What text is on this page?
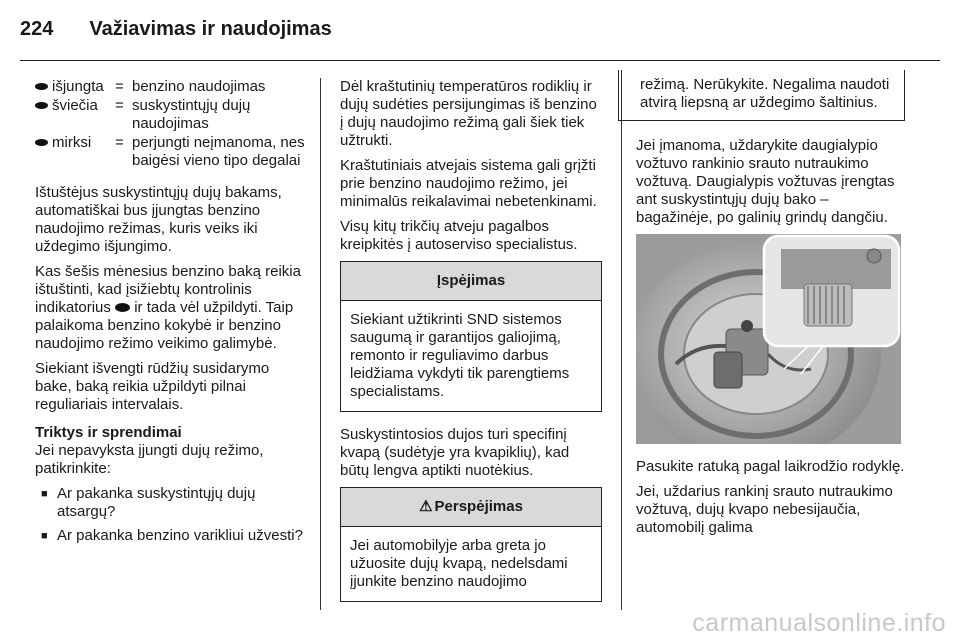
224 Važiavimas ir naudojimas
išjungta = benzino naudojimas
šviečia	= suskystintųjų dujų naudojimas
mirksi	= perjungti neįmanoma, nes baigėsi vieno tipo degalai

Ištuštėjus suskystintųjų dujų bakams, automatiškai bus įjungtas benzino naudojimo režimas, kuris veiks iki uždegimo išjungimo.

Kas šešis mėnesius benzino baką reikia ištuštinti, kad įsižiebtų kontrolinis indikatorius  ir tada vėl užpildyti. Taip palaikoma benzino kokybė ir benzino naudojimo režimo veikimo galimybė.

Siekiant išvengti rūdžių susidarymo bake, baką reikia užpildyti pilnai reguliariais intervalais.

Triktys ir sprendimai

Jei nepavyksta įjungti dujų režimo, patikrinkite:

■ Ar pakanka suskystintųjų dujų atsargų?
■ Ar pakanka benzino varikliui užvesti?

Dėl kraštutinių temperatūros rodiklių ir dujų sudėties persijungimas iš benzino į dujų naudojimo režimą gali šiek tiek užtrukti.

Kraštutiniais atvejais sistema gali grįžti prie benzino naudojimo režimo, jei minimalūs reikalavimai nebetenkinami.

Visų kitų trikčių atveju pagalbos kreipkitės į autoserviso specialistus.

Įspėjimas
Siekiant užtikrinti SND sistemos saugumą ir garantijos galiojimą, remonto ir reguliavimo darbus leidžiama vykdyti tik parengtiems specialistams.

Suskystintosios dujos turi specifinį kvapą (sudėtyje yra kvapiklių), kad būtų lengva aptikti nuotėkius.

⚠ Perspėjimas
Jei automobilyje arba greta jo užuosite dujų kvapą, nedelsdami įjunkite benzino naudojimo
režimą. Nerūkykite. Negalima naudoti atvirą liepsną ar uždegimo šaltinius.

Jei įmanoma, uždarykite daugialypio vožtuvo rankinio srauto nutraukimo vožtuvą. Daugialypis vožtuvas įrengtas ant suskystintųjų dujų bako – bagažinėje, po galinių grindų dangčiu.

Pasukite ratuką pagal laikrodžio rodyklę.

Jei, uždarius rankinį srauto nutraukimo vožtuvą, dujų kvapo nebesijaučia, automobilį galima

carmanualsonline.info
